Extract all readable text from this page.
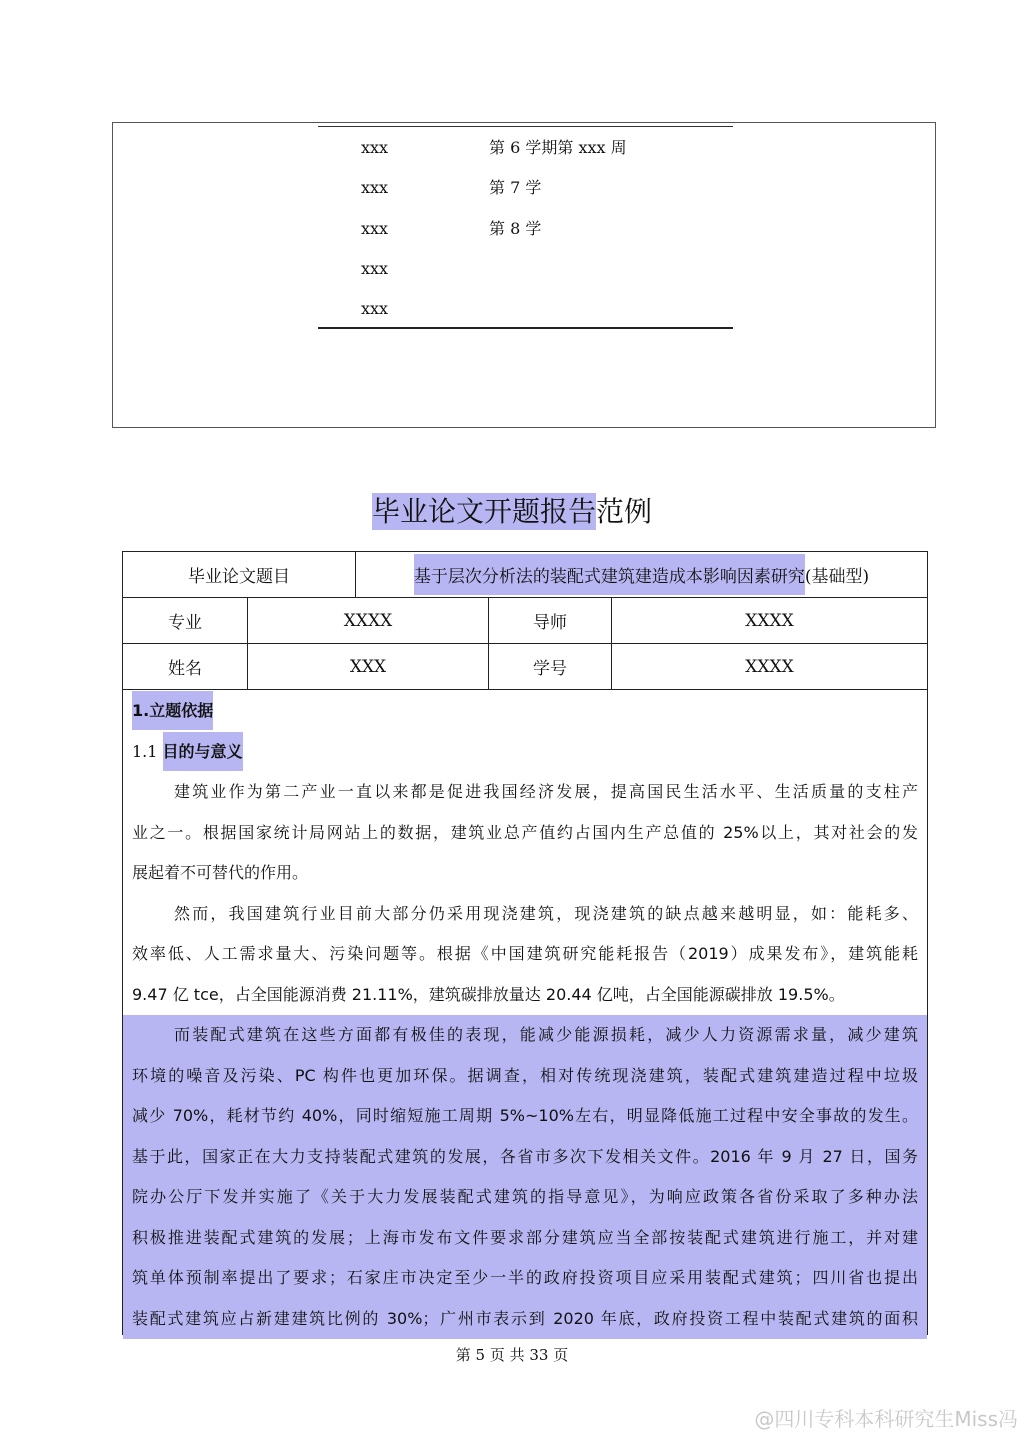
xxx	第 6 学期第 xxx 周
xxx	第 7 学
xxx	第 8 学
xxx
xxx
毕业论文开题报告范例
毕业论文题目	基于层次分析法的装配式建筑建造成本影响因素研究 (基础型)
专业	XXXX	导师	XXXX
姓名	XXX	学号	XXXX
1.立题依据
1.1 目的与意义
建筑业作为第二产业一直以来都是促进我国经济发展，提高国民生活水平、生活质量的支柱产
业之一。根据国家统计局网站上的数据，建筑业总产值约占国内生产总值的 25%以上，其对社会的发
展起着不可替代的作用。
然而，我国建筑行业目前大部分仍采用现浇建筑，现浇建筑的缺点越来越明显，如：能耗多、
效率低、人工需求量大、污染问题等。根据《中国建筑研究能耗报告（2019）成果发布》，建筑能耗
9.47 亿 tce，占全国能源消费 21.11%，建筑碳排放量达 20.44 亿吨，占全国能源碳排放 19.5%。
而装配式建筑在这些方面都有极佳的表现，能减少能源损耗，减少人力资源需求量，减少建筑
环境的噪音及污染、PC 构件也更加环保。据调查，相对传统现浇建筑，装配式建筑建造过程中垃圾
减少 70%，耗材节约 40%，同时缩短施工周期 5%~10%左右，明显降低施工过程中安全事故的发生。
基于此，国家正在大力支持装配式建筑的发展，各省市多次下发相关文件。2016 年 9 月 27 日，国务
院办公厅下发并实施了《关于大力发展装配式建筑的指导意见》，为响应政策各省份采取了多种办法
积极推进装配式建筑的发展；上海市发布文件要求部分建筑应当全部按装配式建筑进行施工，并对建
筑单体预制率提出了要求；石家庄市决定至少一半的政府投资项目应采用装配式建筑；四川省也提出
装配式建筑应占新建建筑比例的 30%；广州市表示到 2020 年底，政府投资工程中装配式建筑的面积
第 5 页 共 33 页
@四川专科本科研究生Miss冯
